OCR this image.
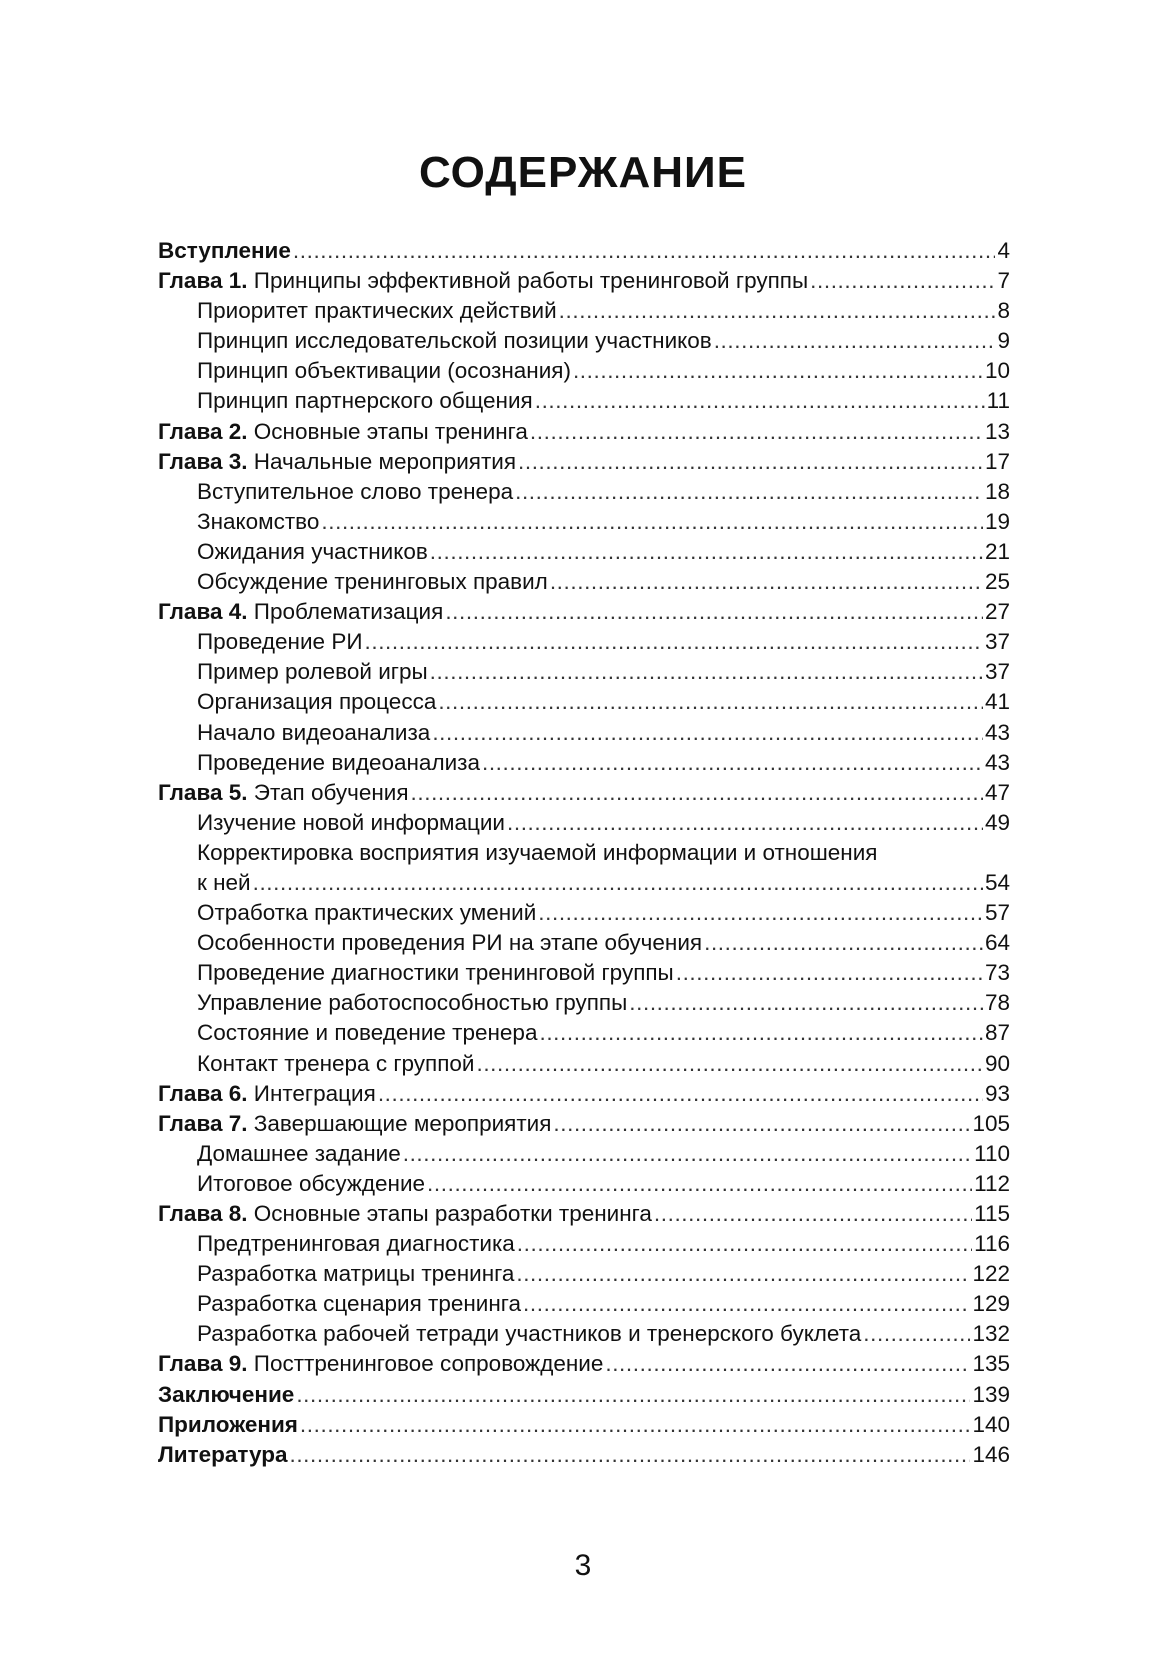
СОДЕРЖАНИЕ
Вступление .....	4
Глава 1. Принципы эффективной работы тренинговой группы .....	7
Приоритет практических действий .....	8
Принцип исследовательской позиции участников .....	9
Принцип объективации (осознания) .....	10
Принцип партнерского общения .....	11
Глава 2. Основные этапы тренинга .....	13
Глава 3. Начальные мероприятия .....	17
Вступительное слово тренера .....	18
Знакомство .....	19
Ожидания участников .....	21
Обсуждение тренинговых правил .....	25
Глава 4. Проблематизация .....	27
Проведение РИ .....	37
Пример ролевой игры .....	37
Организация процесса .....	41
Начало видеоанализа .....	43
Проведение видеоанализа .....	43
Глава 5. Этап обучения .....	47
Изучение новой информации .....	49
Корректировка восприятия изучаемой информации и отношения
к ней .....	54
Отработка практических умений .....	57
Особенности проведения РИ на этапе обучения .....	64
Проведение диагностики тренинговой группы .....	73
Управление работоспособностью группы .....	78
Состояние и поведение тренера .....	87
Контакт тренера с группой .....	90
Глава 6. Интеграция .....	93
Глава 7. Завершающие мероприятия .....	105
Домашнее задание .....	110
Итоговое обсуждение .....	112
Глава 8. Основные этапы разработки тренинга .....	115
Предтренинговая диагностика .....	116
Разработка матрицы тренинга .....	122
Разработка сценария тренинга .....	129
Разработка рабочей тетради участников и тренерского буклета .....	132
Глава 9. Посттренинговое сопровождение .....	135
Заключение .....	139
Приложения .....	140
Литература .....	146
3
